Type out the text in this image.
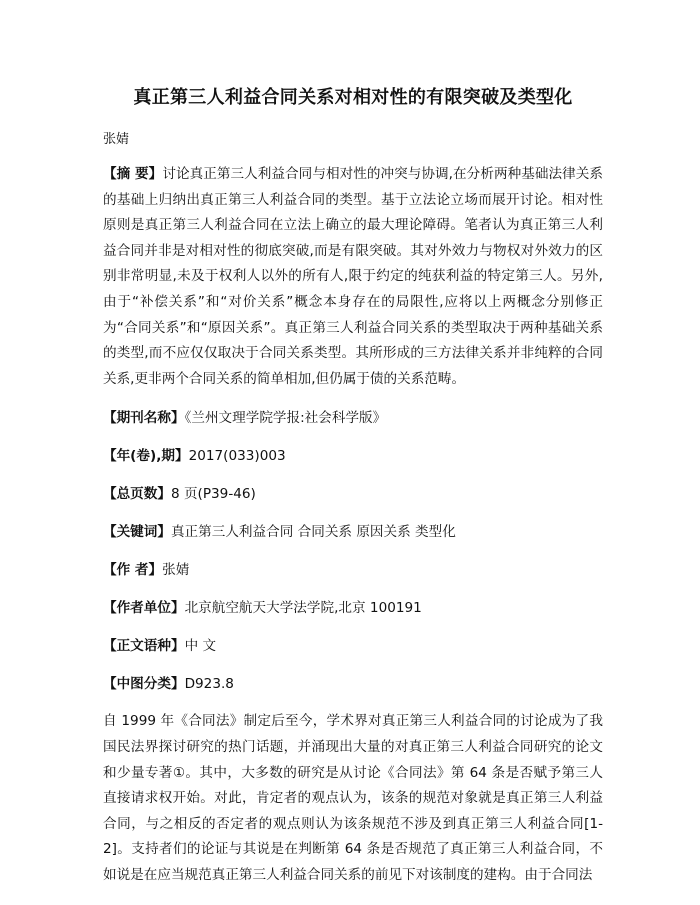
真正第三人利益合同关系对相对性的有限突破及类型化
张婧
【摘 要】讨论真正第三人利益合同与相对性的冲突与协调,在分析两种基础法律关系的基础上归纳出真正第三人利益合同的类型。基于立法论立场而展开讨论。相对性原则是真正第三人利益合同在立法上确立的最大理论障碍。笔者认为真正第三人利益合同并非是对相对性的彻底突破,而是有限突破。其对外效力与物权对外效力的区别非常明显,未及于权利人以外的所有人,限于约定的纯获利益的特定第三人。另外,由于“补偿关系”和“对价关系”概念本身存在的局限性,应将以上两概念分别修正为“合同关系”和“原因关系”。真正第三人利益合同关系的类型取决于两种基础关系的类型,而不应仅仅取决于合同关系类型。其所形成的三方法律关系并非纯粹的合同关系,更非两个合同关系的简单相加,但仍属于债的关系范畴。
【期刊名称】《兰州文理学院学报:社会科学版》
【年(卷),期】2017(033)003
【总页数】8 页(P39-46)
【关键词】真正第三人利益合同 合同关系 原因关系 类型化
【作 者】张婧
【作者单位】北京航空航天大学法学院,北京 100191
【正文语种】中 文
【中图分类】D923.8
自 1999 年《合同法》制定后至今，学术界对真正第三人利益合同的讨论成为了我国民法界探讨研究的热门话题，并涌现出大量的对真正第三人利益合同研究的论文和少量专著①。其中，大多数的研究是从讨论《合同法》第 64 条是否赋予第三人直接请求权开始。对此，肯定者的观点认为，该条的规范对象就是真正第三人利益合同，与之相反的否定者的观点则认为该条规范不涉及到真正第三人利益合同[1-2]。支持者们的论证与其说是在判断第 64 条是否规范了真正第三人利益合同，不如说是在应当规范真正第三人利益合同关系的前见下对该制度的建构。由于合同法
